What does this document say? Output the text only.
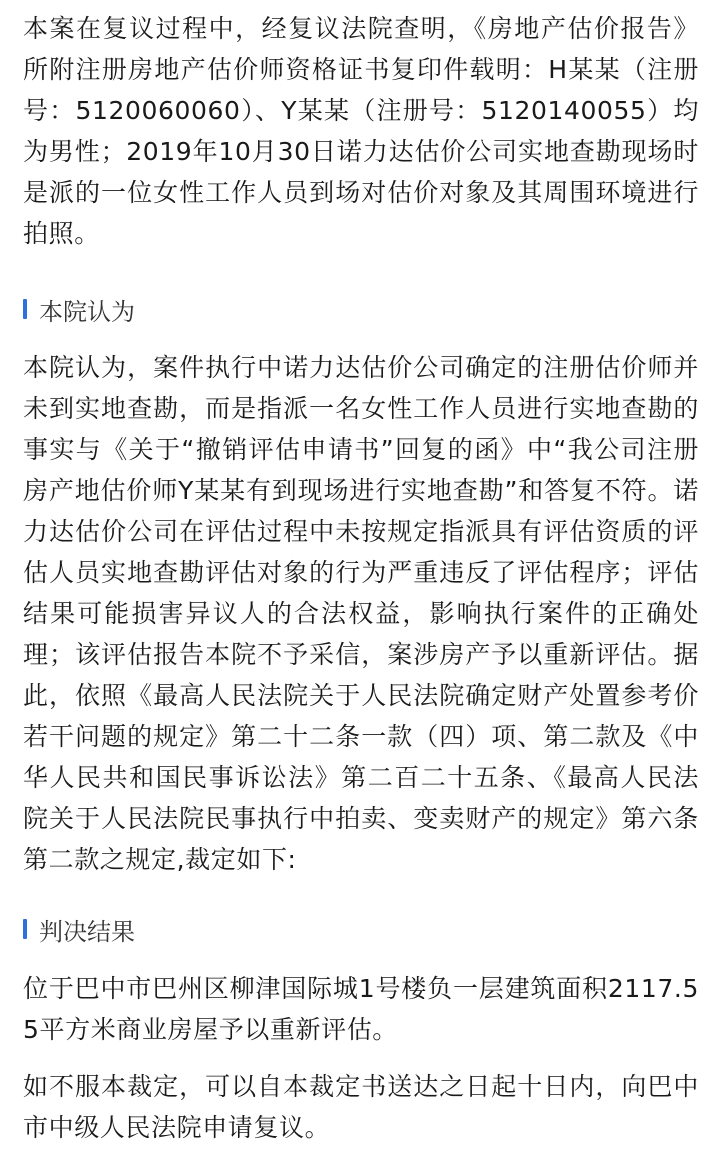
本案在复议过程中，经复议法院查明，《房地产估价报告》所附注册房地产估价师资格证书复印件载明：H某某（注册号：5120060060）、Y某某（注册号：5120140055）均为男性；2019年10月30日诺力达估价公司实地查勘现场时是派的一位女性工作人员到场对估价对象及其周围环境进行拍照。

本院认为

本院认为，案件执行中诺力达估价公司确定的注册估价师并未到实地查勘，而是指派一名女性工作人员进行实地查勘的事实与《关于“撤销评估申请书”回复的函》中“我公司注册房产地估价师Y某某有到现场进行实地查勘”和答复不符。诺力达估价公司在评估过程中未按规定指派具有评估资质的评估人员实地查勘评估对象的行为严重违反了评估程序；评估结果可能损害异议人的合法权益，影响执行案件的正确处理；该评估报告本院不予采信，案涉房产予以重新评估。据此，依照《最高人民法院关于人民法院确定财产处置参考价若干问题的规定》第二十二条一款（四）项、第二款及《中华人民共和国民事诉讼法》第二百二十五条、《最高人民法院关于人民法院民事执行中拍卖、变卖财产的规定》第六条第二款之规定,裁定如下:

判决结果

位于巴中市巴州区柳津国际城1号楼负一层建筑面积2117.55平方米商业房屋予以重新评估。

如不服本裁定，可以自本裁定书送达之日起十日内，向巴中市中级人民法院申请复议。
